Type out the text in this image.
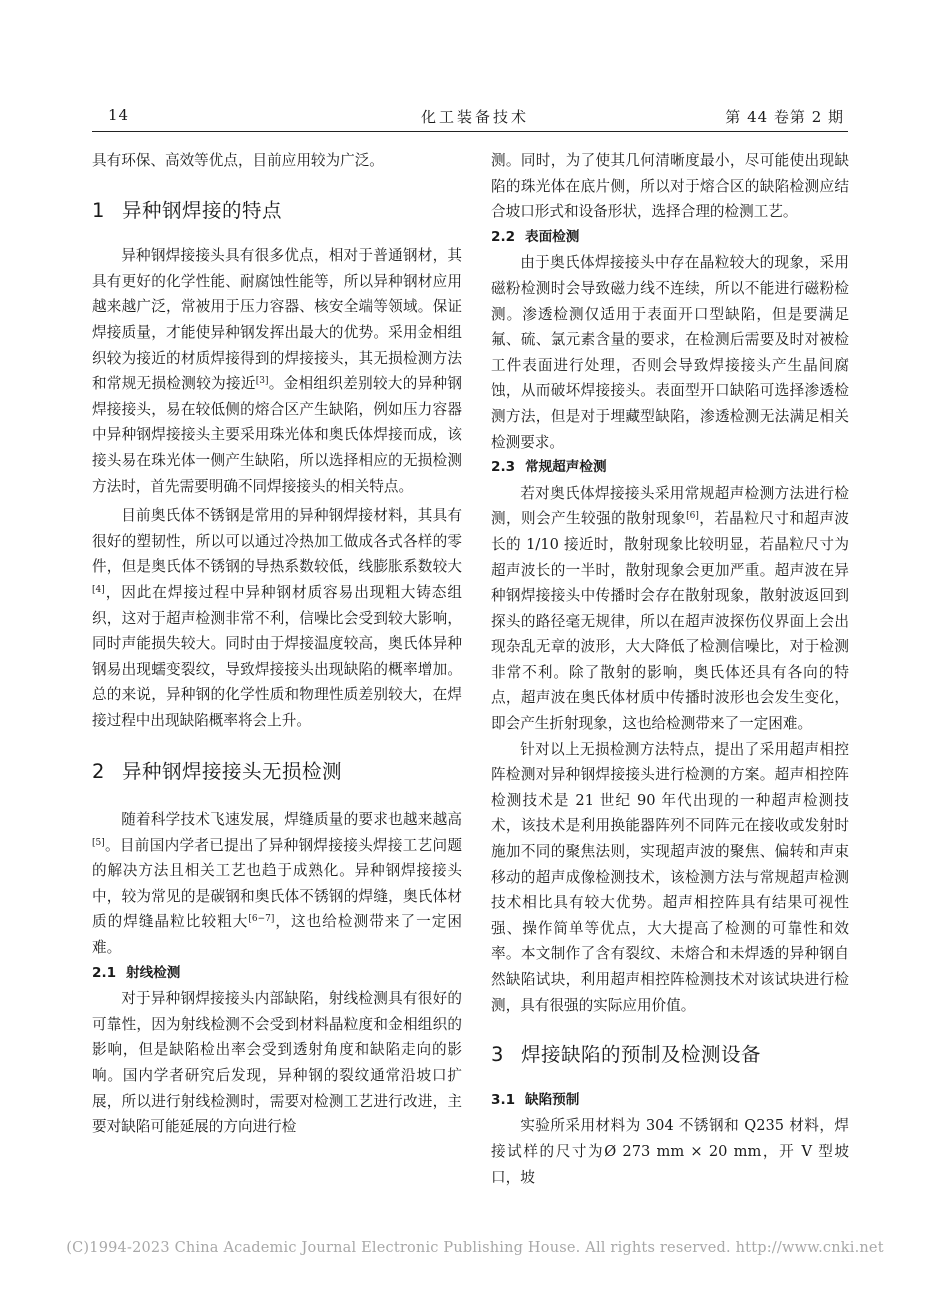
14	化工装备技术	第 44 卷第 2 期

具有环保、高效等优点，目前应用较为广泛。

1 异种钢焊接的特点

异种钢焊接接头具有很多优点，相对于普通钢材，其具有更好的化学性能、耐腐蚀性能等，所以异种钢材应用越来越广泛，常被用于压力容器、核安全端等领域。保证焊接质量，才能使异种钢发挥出最大的优势。采用金相组织较为接近的材质焊接得到的焊接接头，其无损检测方法和常规无损检测较为接近[3]。金相组织差别较大的异种钢焊接接头，易在较低侧的熔合区产生缺陷，例如压力容器中异种钢焊接接头主要采用珠光体和奥氏体焊接而成，该接头易在珠光体一侧产生缺陷，所以选择相应的无损检测方法时，首先需要明确不同焊接接头的相关特点。

目前奥氏体不锈钢是常用的异种钢焊接材料，其具有很好的塑韧性，所以可以通过冷热加工做成各式各样的零件，但是奥氏体不锈钢的导热系数较低，线膨胀系数较大[4]，因此在焊接过程中异种钢材质容易出现粗大铸态组织，这对于超声检测非常不利，信噪比会受到较大影响，同时声能损失较大。同时由于焊接温度较高，奥氏体异种钢易出现蠕变裂纹，导致焊接接头出现缺陷的概率增加。总的来说，异种钢的化学性质和物理性质差别较大，在焊接过程中出现缺陷概率将会上升。

2 异种钢焊接接头无损检测

随着科学技术飞速发展，焊缝质量的要求也越来越高[5]。目前国内学者已提出了异种钢焊接接头焊接工艺问题的解决方法且相关工艺也趋于成熟化。异种钢焊接接头中，较为常见的是碳钢和奥氏体不锈钢的焊缝，奥氏体材质的焊缝晶粒比较粗大[6−7]，这也给检测带来了一定困难。

2.1 射线检测

对于异种钢焊接接头内部缺陷，射线检测具有很好的可靠性，因为射线检测不会受到材料晶粒度和金相组织的影响，但是缺陷检出率会受到透射角度和缺陷走向的影响。国内学者研究后发现，异种钢的裂纹通常沿坡口扩展，所以进行射线检测时，需要对检测工艺进行改进，主要对缺陷可能延展的方向进行检

测。同时，为了使其几何清晰度最小，尽可能使出现缺陷的珠光体在底片侧，所以对于熔合区的缺陷检测应结合坡口形式和设备形状，选择合理的检测工艺。

2.2 表面检测

由于奥氏体焊接接头中存在晶粒较大的现象，采用磁粉检测时会导致磁力线不连续，所以不能进行磁粉检测。渗透检测仅适用于表面开口型缺陷，但是要满足氟、硫、氯元素含量的要求，在检测后需要及时对被检工件表面进行处理，否则会导致焊接接头产生晶间腐蚀，从而破坏焊接接头。表面型开口缺陷可选择渗透检测方法，但是对于埋藏型缺陷，渗透检测无法满足相关检测要求。

2.3 常规超声检测

若对奥氏体焊接接头采用常规超声检测方法进行检测，则会产生较强的散射现象[6]，若晶粒尺寸和超声波长的 1/10 接近时，散射现象比较明显，若晶粒尺寸为超声波长的一半时，散射现象会更加严重。超声波在异种钢焊接接头中传播时会存在散射现象，散射波返回到探头的路径毫无规律，所以在超声波探伤仪界面上会出现杂乱无章的波形，大大降低了检测信噪比，对于检测非常不利。除了散射的影响，奥氏体还具有各向的特点，超声波在奥氏体材质中传播时波形也会发生变化，即会产生折射现象，这也给检测带来了一定困难。

针对以上无损检测方法特点，提出了采用超声相控阵检测对异种钢焊接接头进行检测的方案。超声相控阵检测技术是 21 世纪 90 年代出现的一种超声检测技术，该技术是利用换能器阵列不同阵元在接收或发射时施加不同的聚焦法则，实现超声波的聚焦、偏转和声束移动的超声成像检测技术，该检测方法与常规超声检测技术相比具有较大优势。超声相控阵具有结果可视性强、操作简单等优点，大大提高了检测的可靠性和效率。本文制作了含有裂纹、未熔合和未焊透的异种钢自然缺陷试块，利用超声相控阵检测技术对该试块进行检测，具有很强的实际应用价值。

3 焊接缺陷的预制及检测设备
3.1 缺陷预制

实验所采用材料为 304 不锈钢和 Q235 材料，焊接试样的尺寸为Ø 273 mm × 20 mm，开 V 型坡口，坡

(C)1994-2023 China Academic Journal Electronic Publishing House. All rights reserved. http://www.cnki.net
